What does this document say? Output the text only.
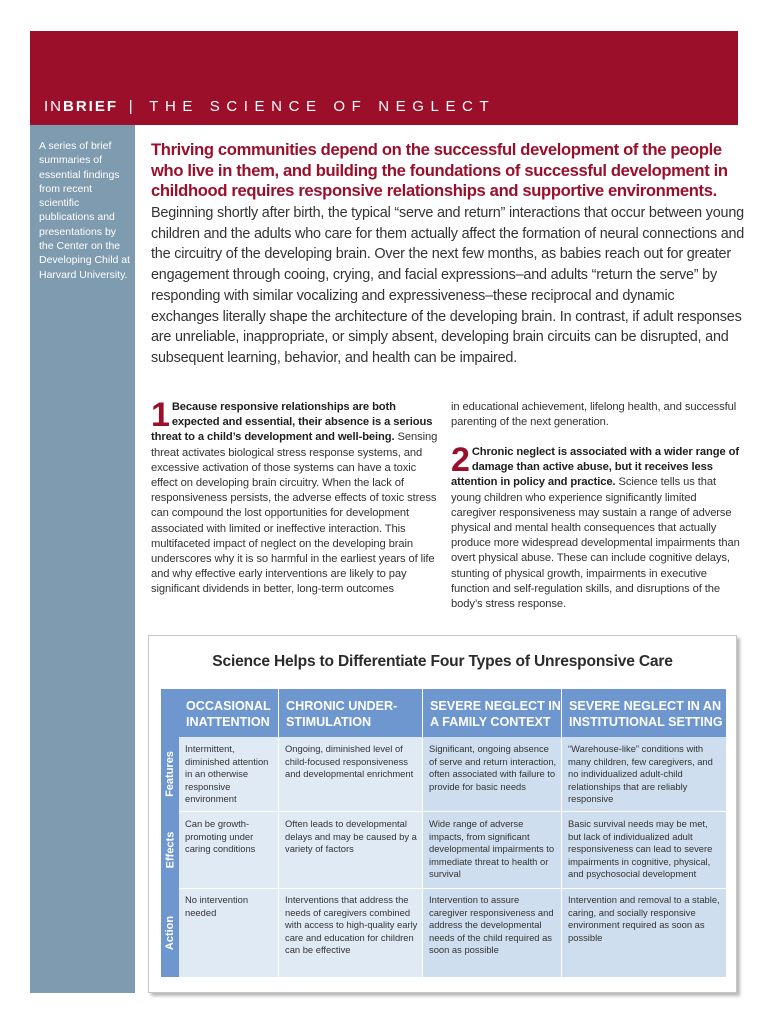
INBRIEF | THE SCIENCE OF NEGLECT
A series of brief summaries of essential findings from recent scientific publications and presentations by the Center on the Developing Child at Harvard University.
Thriving communities depend on the successful development of the people who live in them, and building the foundations of successful development in childhood requires responsive relationships and supportive environments.
Beginning shortly after birth, the typical “serve and return” interactions that occur between young children and the adults who care for them actually affect the formation of neural connections and the circuitry of the developing brain. Over the next few months, as babies reach out for greater engagement through cooing, crying, and facial expressions–and adults “return the serve” by responding with similar vocalizing and expressiveness–these reciprocal and dynamic exchanges literally shape the architecture of the developing brain. In contrast, if adult responses are unreliable, inappropriate, or simply absent, developing brain circuits can be disrupted, and subsequent learning, behavior, and health can be impaired.
1 Because responsive relationships are both expected and essential, their absence is a serious threat to a child’s development and well-being. Sensing threat activates biological stress response systems, and excessive activation of those systems can have a toxic effect on developing brain circuitry. When the lack of responsiveness persists, the adverse effects of toxic stress can compound the lost opportunities for development associated with limited or ineffective interaction. This multifaceted impact of neglect on the developing brain underscores why it is so harmful in the earliest years of life and why effective early interventions are likely to pay significant dividends in better, long-term outcomes
in educational achievement, lifelong health, and successful parenting of the next generation.
2 Chronic neglect is associated with a wider range of damage than active abuse, but it receives less attention in policy and practice. Science tells us that young children who experience significantly limited caregiver responsiveness may sustain a range of adverse physical and mental health consequences that actually produce more widespread developmental impairments than overt physical abuse. These can include cognitive delays, stunting of physical growth, impairments in executive function and self-regulation skills, and disruptions of the body’s stress response.
Science Helps to Differentiate Four Types of Unresponsive Care
OCCASIONAL INATTENTION
CHRONIC UNDER-STIMULATION
SEVERE NEGLECT IN A FAMILY CONTEXT
SEVERE NEGLECT IN AN INSTITUTIONAL SETTING
Features
Effects
Action
Intermittent, diminished attention in an otherwise responsive environment
Ongoing, diminished level of child-focused responsiveness and developmental enrichment
Significant, ongoing absence of serve and return interaction, often associated with failure to provide for basic needs
“Warehouse-like” conditions with many children, few caregivers, and no individualized adult-child relationships that are reliably responsive
Can be growth-promoting under caring conditions
Often leads to developmental delays and may be caused by a variety of factors
Wide range of adverse impacts, from significant developmental impairments to immediate threat to health or survival
Basic survival needs may be met, but lack of individualized adult responsiveness can lead to severe impairments in cognitive, physical, and psychosocial development
No intervention needed
Interventions that address the needs of caregivers combined with access to high-quality early care and education for children can be effective
Intervention to assure caregiver responsiveness and address the developmental needs of the child required as soon as possible
Intervention and removal to a stable, caring, and socially responsive environment required as soon as possible
